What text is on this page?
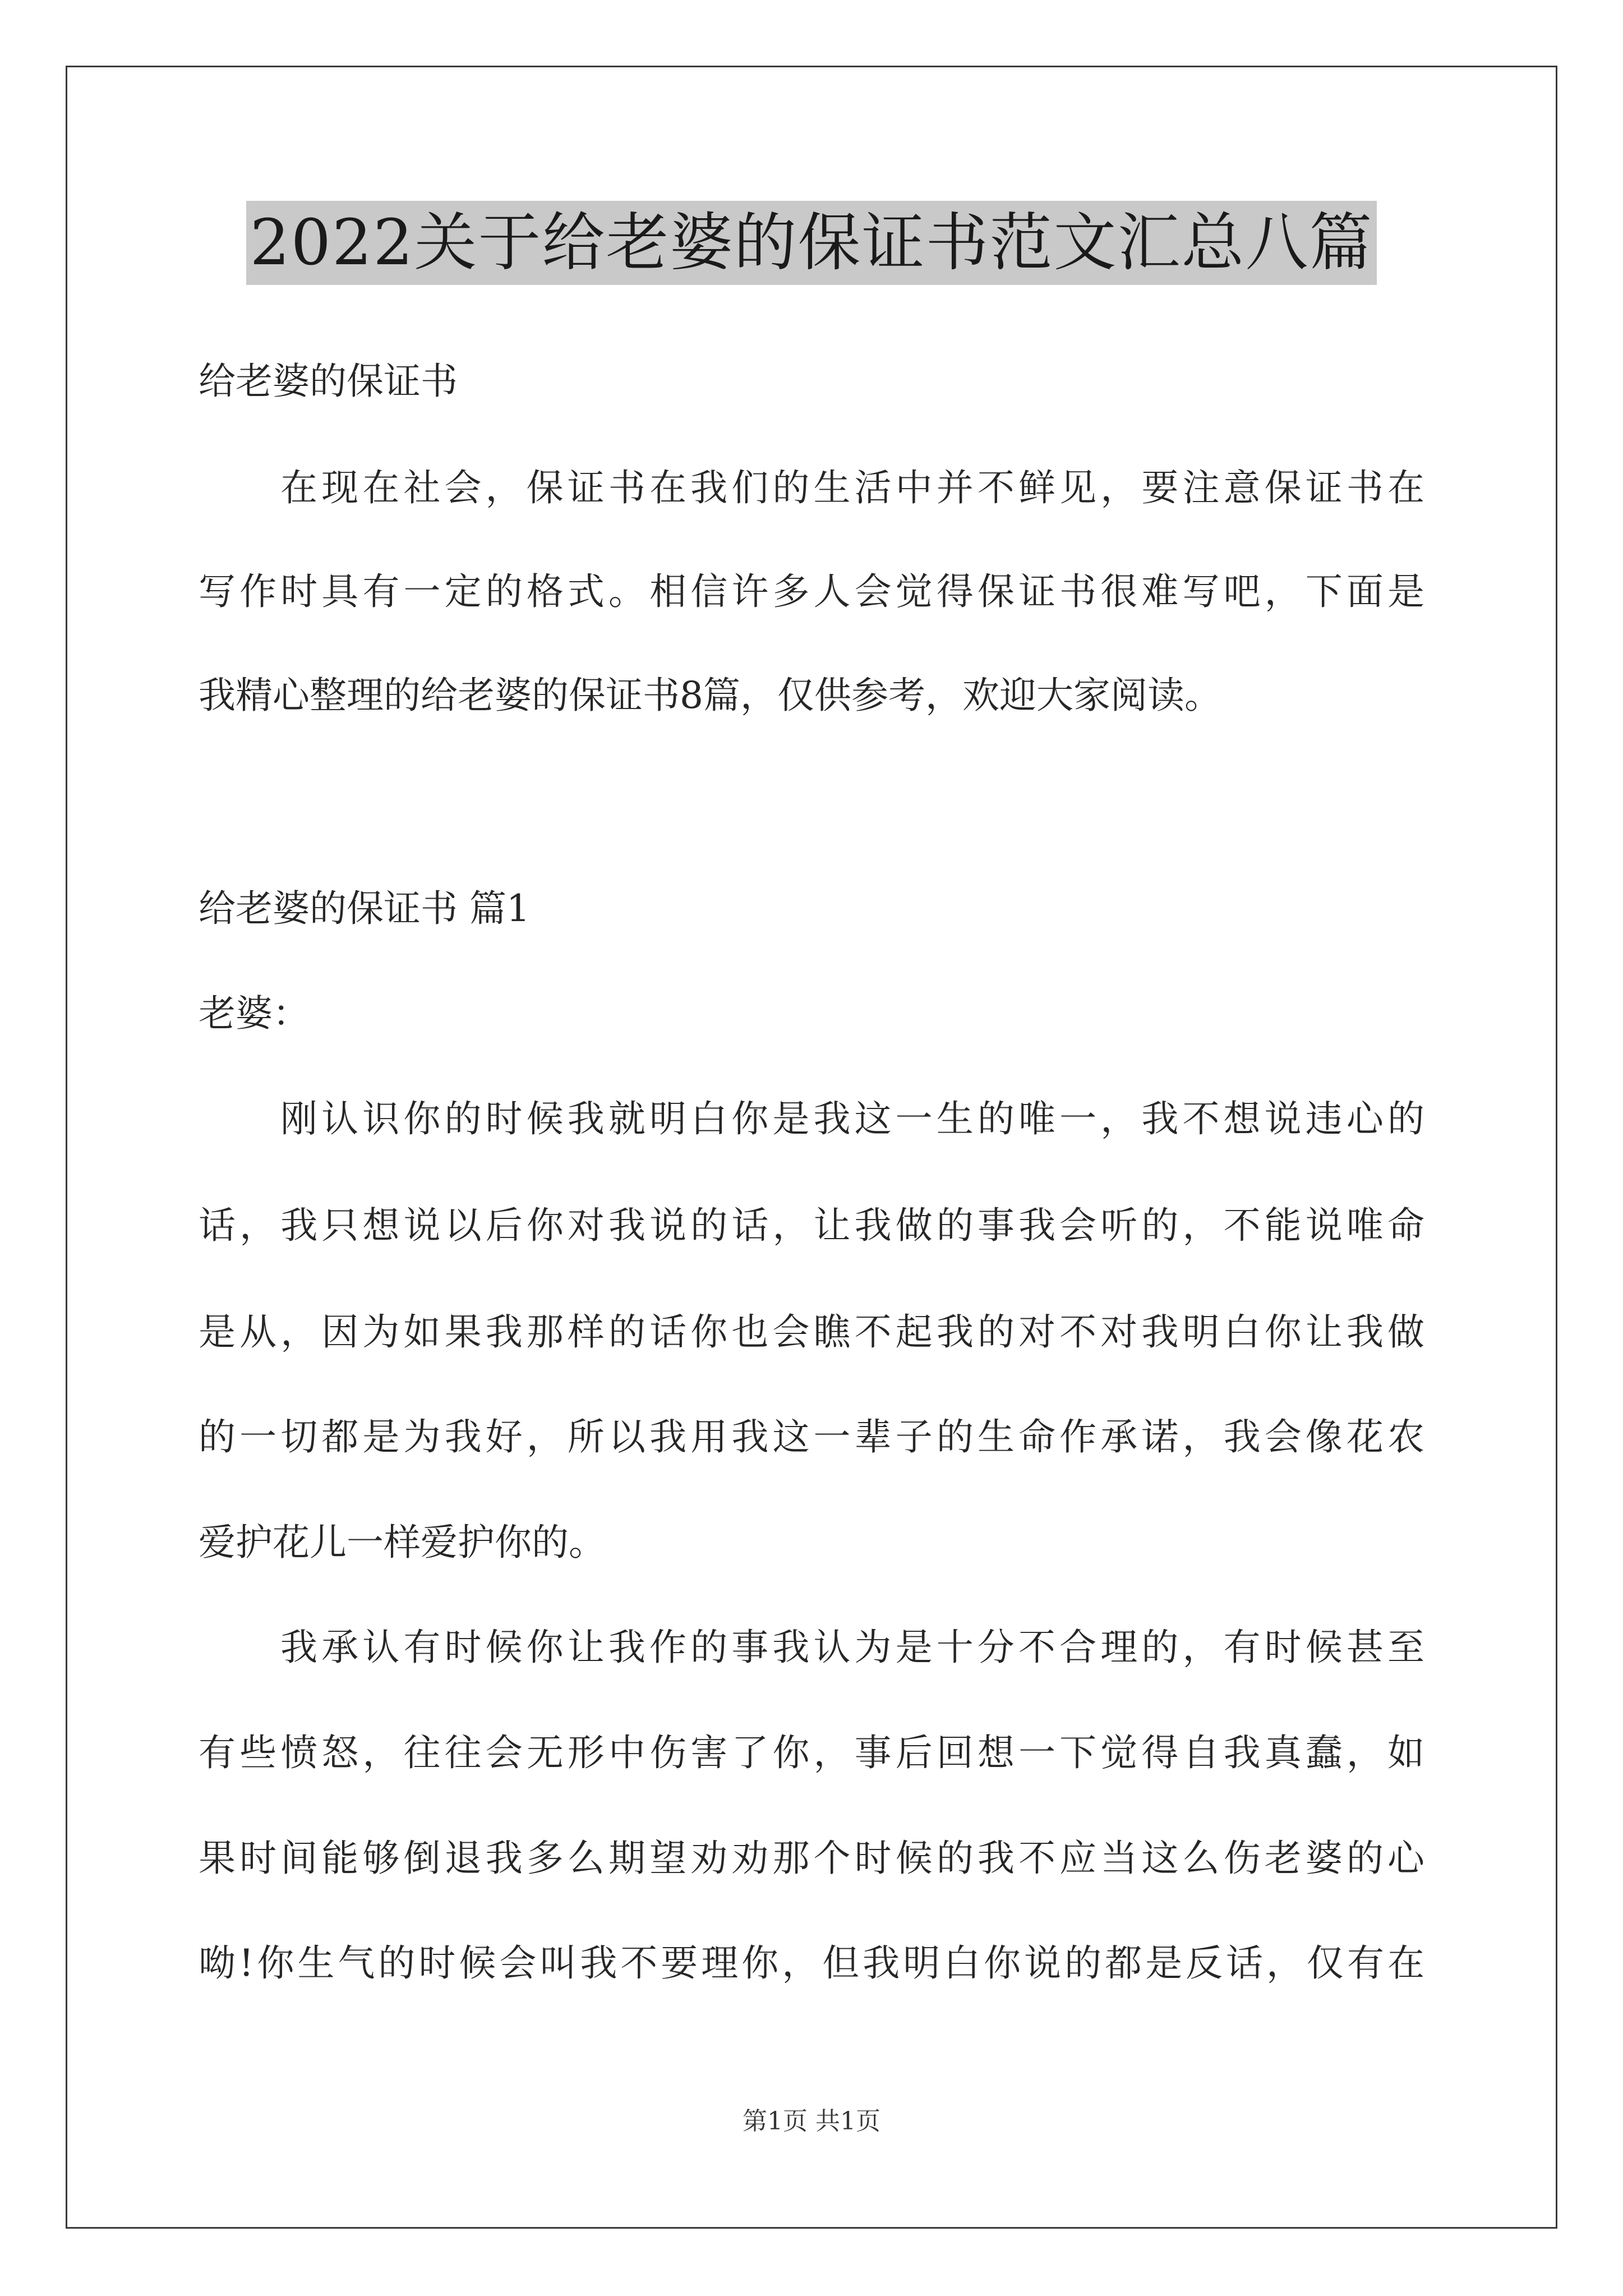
2022关于给老婆的保证书范文汇总八篇
给老婆的保证书
在现在社会，保证书在我们的生活中并不鲜见，要注意保证书在
写作时具有一定的格式。相信许多人会觉得保证书很难写吧，下面是
我精心整理的给老婆的保证书8篇，仅供参考，欢迎大家阅读。
给老婆的保证书 篇1
老婆：
刚认识你的时候我就明白你是我这一生的唯一，我不想说违心的
话，我只想说以后你对我说的话，让我做的事我会听的，不能说唯命
是从，因为如果我那样的话你也会瞧不起我的对不对我明白你让我做
的一切都是为我好，所以我用我这一辈子的生命作承诺，我会像花农
爱护花儿一样爱护你的。
我承认有时候你让我作的事我认为是十分不合理的，有时候甚至
有些愤怒，往往会无形中伤害了你，事后回想一下觉得自我真蠢，如
果时间能够倒退我多么期望劝劝那个时候的我不应当这么伤老婆的心
呦!你生气的时候会叫我不要理你，但我明白你说的都是反话，仅有在
第1页 共1页
